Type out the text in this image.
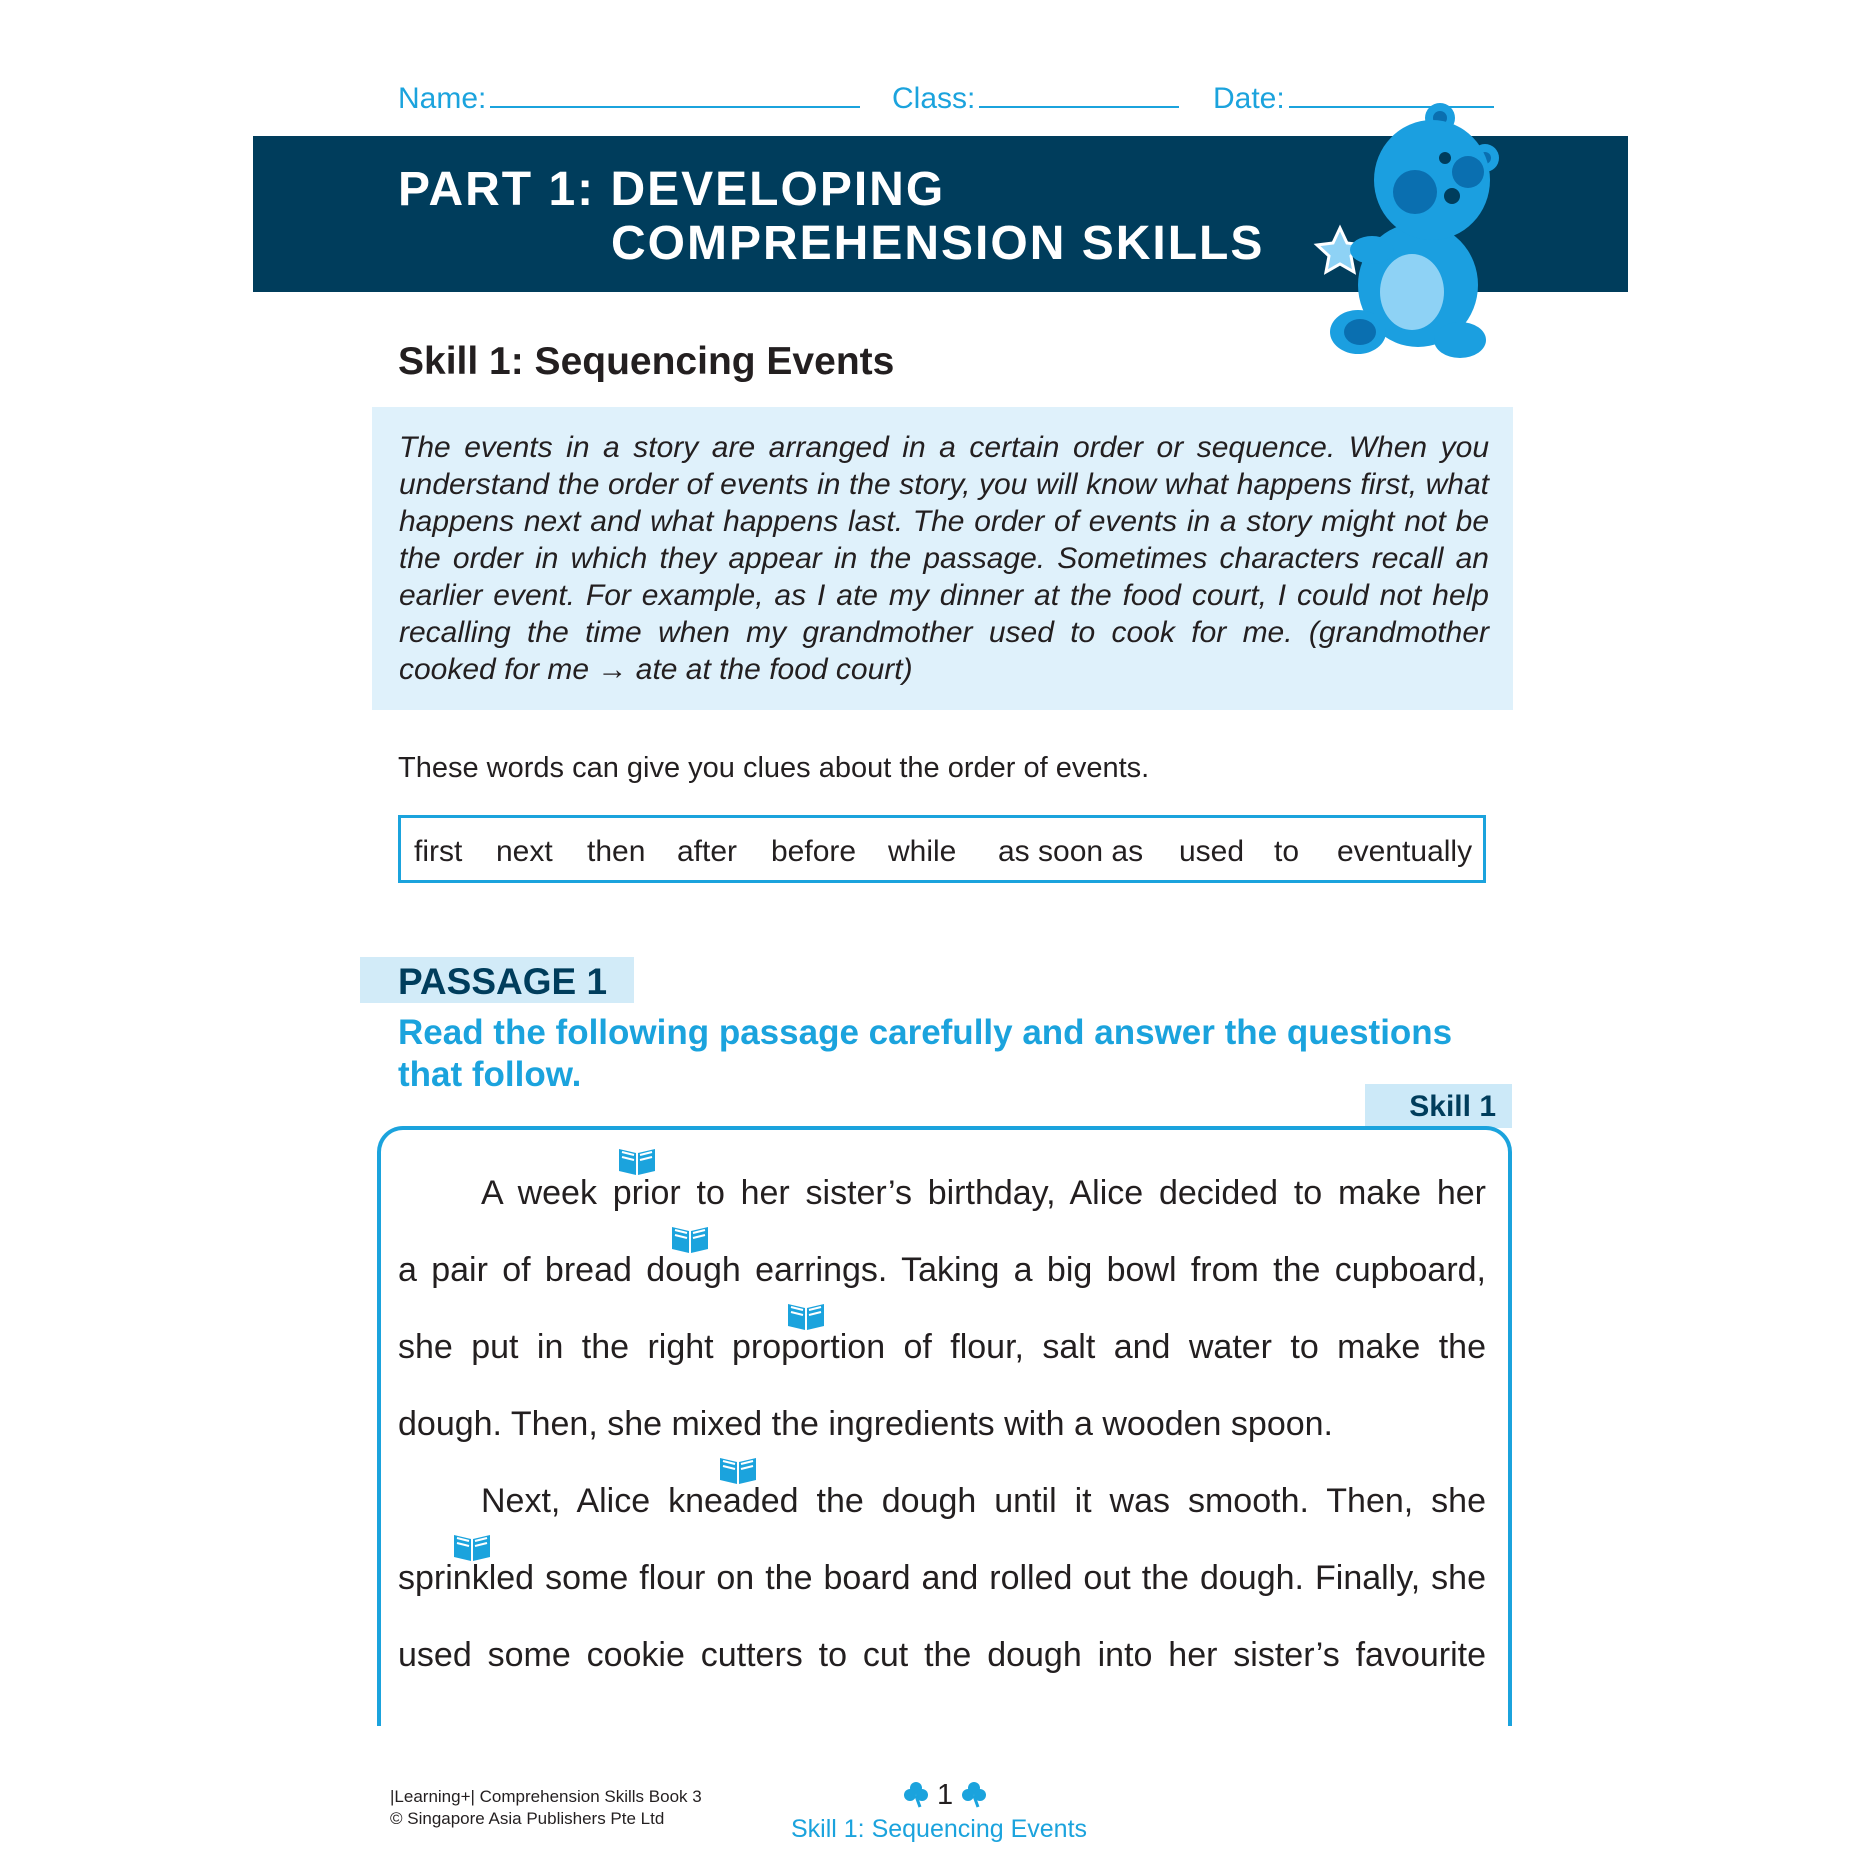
Name:	Class:	Date:
PART 1: DEVELOPING
COMPREHENSION SKILLS
Skill 1: Sequencing Events
The events in a story are arranged in a certain order or sequence. When you understand the order of events in the story, you will know what happens first, what happens next and what happens last. The order of events in a story might not be the order in which they appear in the passage. Sometimes characters recall an earlier event. For example, as I ate my dinner at the food court, I could not help recalling the time when my grandmother used to cook for me. (grandmother cooked for me → ate at the food court)
These words can give you clues about the order of events.
first next then after before while as soon as used to eventually
PASSAGE 1
Read the following passage carefully and answer the questions that follow.
Skill 1
A week prior to her sister’s birthday, Alice decided to make her
a pair of bread dough earrings. Taking a big bowl from the cupboard,
she put in the right proportion of flour, salt and water to make the
dough. Then, she mixed the ingredients with a wooden spoon.
Next, Alice kneaded the dough until it was smooth. Then, she
sprinkled some flour on the board and rolled out the dough. Finally, she
used some cookie cutters to cut the dough into her sister’s favourite
|Learning+| Comprehension Skills Book 3
© Singapore Asia Publishers Pte Ltd
1
Skill 1: Sequencing Events
